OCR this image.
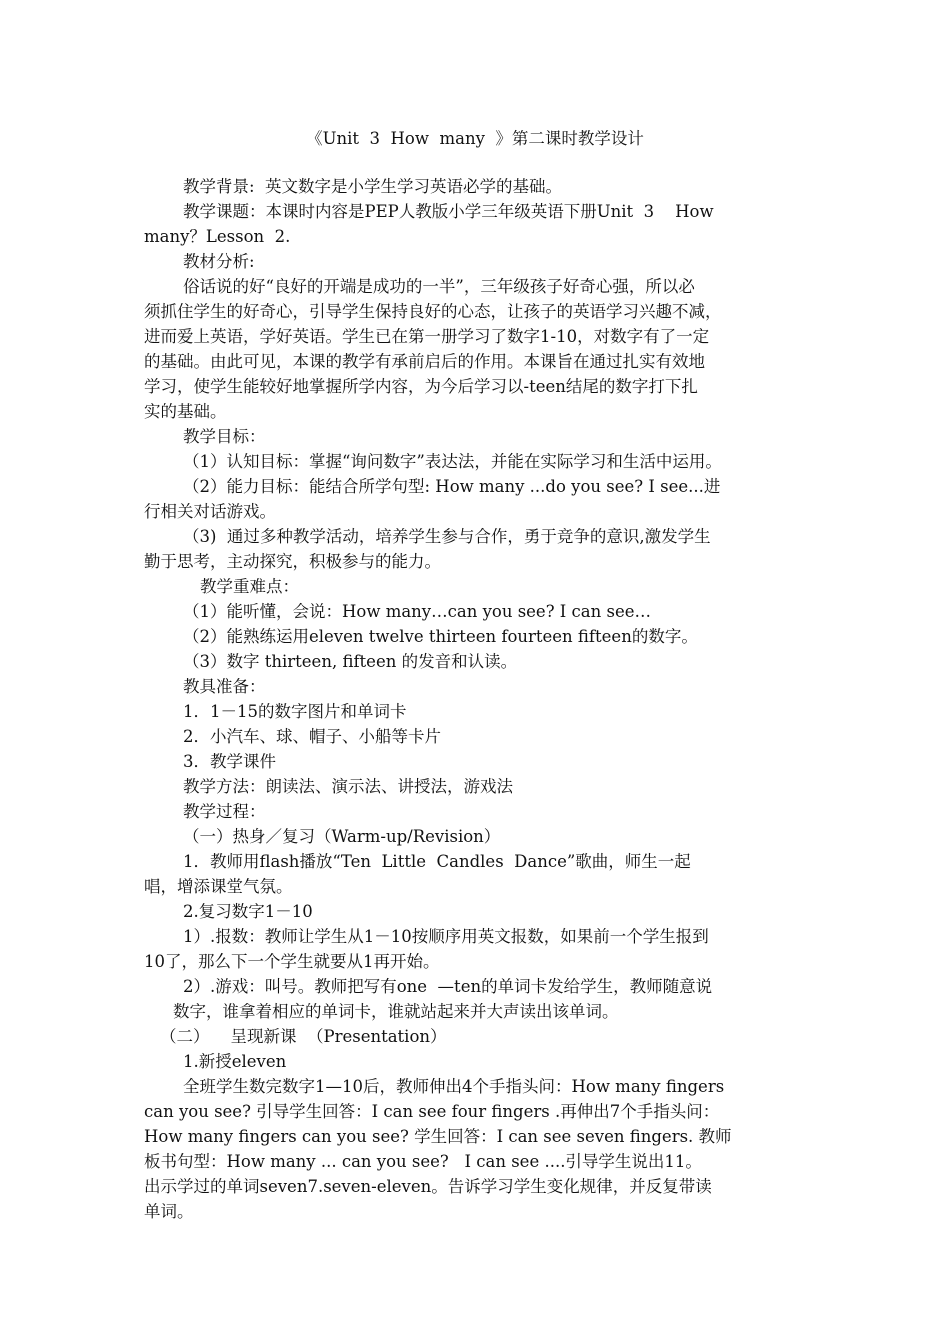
《Unit  3  How  many  》第二课时教学设计

教学背景:  英文数字是小学生学习英语必学的基础。

教学课题：本课时内容是PEP人教版小学三年级英语下册Unit  3    How

many？Lesson  2.

教材分析:

俗话说的好“良好的开端是成功的一半”，三年级孩子好奇心强，所以必

须抓住学生的好奇心，引导学生保持良好的心态，让孩子的英语学习兴趣不减，

进而爱上英语，学好英语。学生已在第一册学习了数字1-10，对数字有了一定

的基础。由此可见，本课的教学有承前启后的作用。本课旨在通过扎实有效地

学习，使学生能较好地掌握所学内容，为今后学习以-teen结尾的数字打下扎

实的基础。

教学目标：

（1）认知目标：掌握“询问数字”表达法，并能在实际学习和生活中运用。

（2）能力目标：能结合所学句型: How many ...do you see? I see...进

行相关对话游戏。

（3)  通过多种教学活动，培养学生参与合作，勇于竞争的意识,激发学生

勤于思考，主动探究，积极参与的能力。

教学重难点：

（1）能听懂，会说：How many…can you see? I can see…

（2）能熟练运用eleven twelve thirteen fourteen fifteen的数字。

（3）数字 thirteen, fifteen 的发音和认读。

教具准备：

1．1－15的数字图片和单词卡

2．小汽车、球、帽子、小船等卡片

3．教学课件

教学方法：朗读法、演示法、讲授法，游戏法

教学过程：

（一）热身／复习（Warm-up/Revision）

1．教师用flash播放“Ten  Little  Candles  Dance”歌曲，师生一起

唱，增添课堂气氛。

2.复习数字1－10

1）.报数：教师让学生从1－10按顺序用英文报数，如果前一个学生报到

10了，那么下一个学生就要从1再开始。

2）.游戏：叫号。教师把写有one  —ten的单词卡发给学生，教师随意说

数字，谁拿着相应的单词卡，谁就站起来并大声读出该单词。

（二）    呈现新课  （Presentation）

1.新授eleven

全班学生数完数字1—10后，教师伸出4个手指头问：How many fingers

can you see? 引导学生回答：I can see four fingers .再伸出7个手指头问：

How many fingers can you see? 学生回答：I can see seven fingers. 教师

板书句型：How many ... can you see?   I can see ....引导学生说出11。

出示学过的单词seven7.seven-eleven。告诉学习学生变化规律，并反复带读

单词。
